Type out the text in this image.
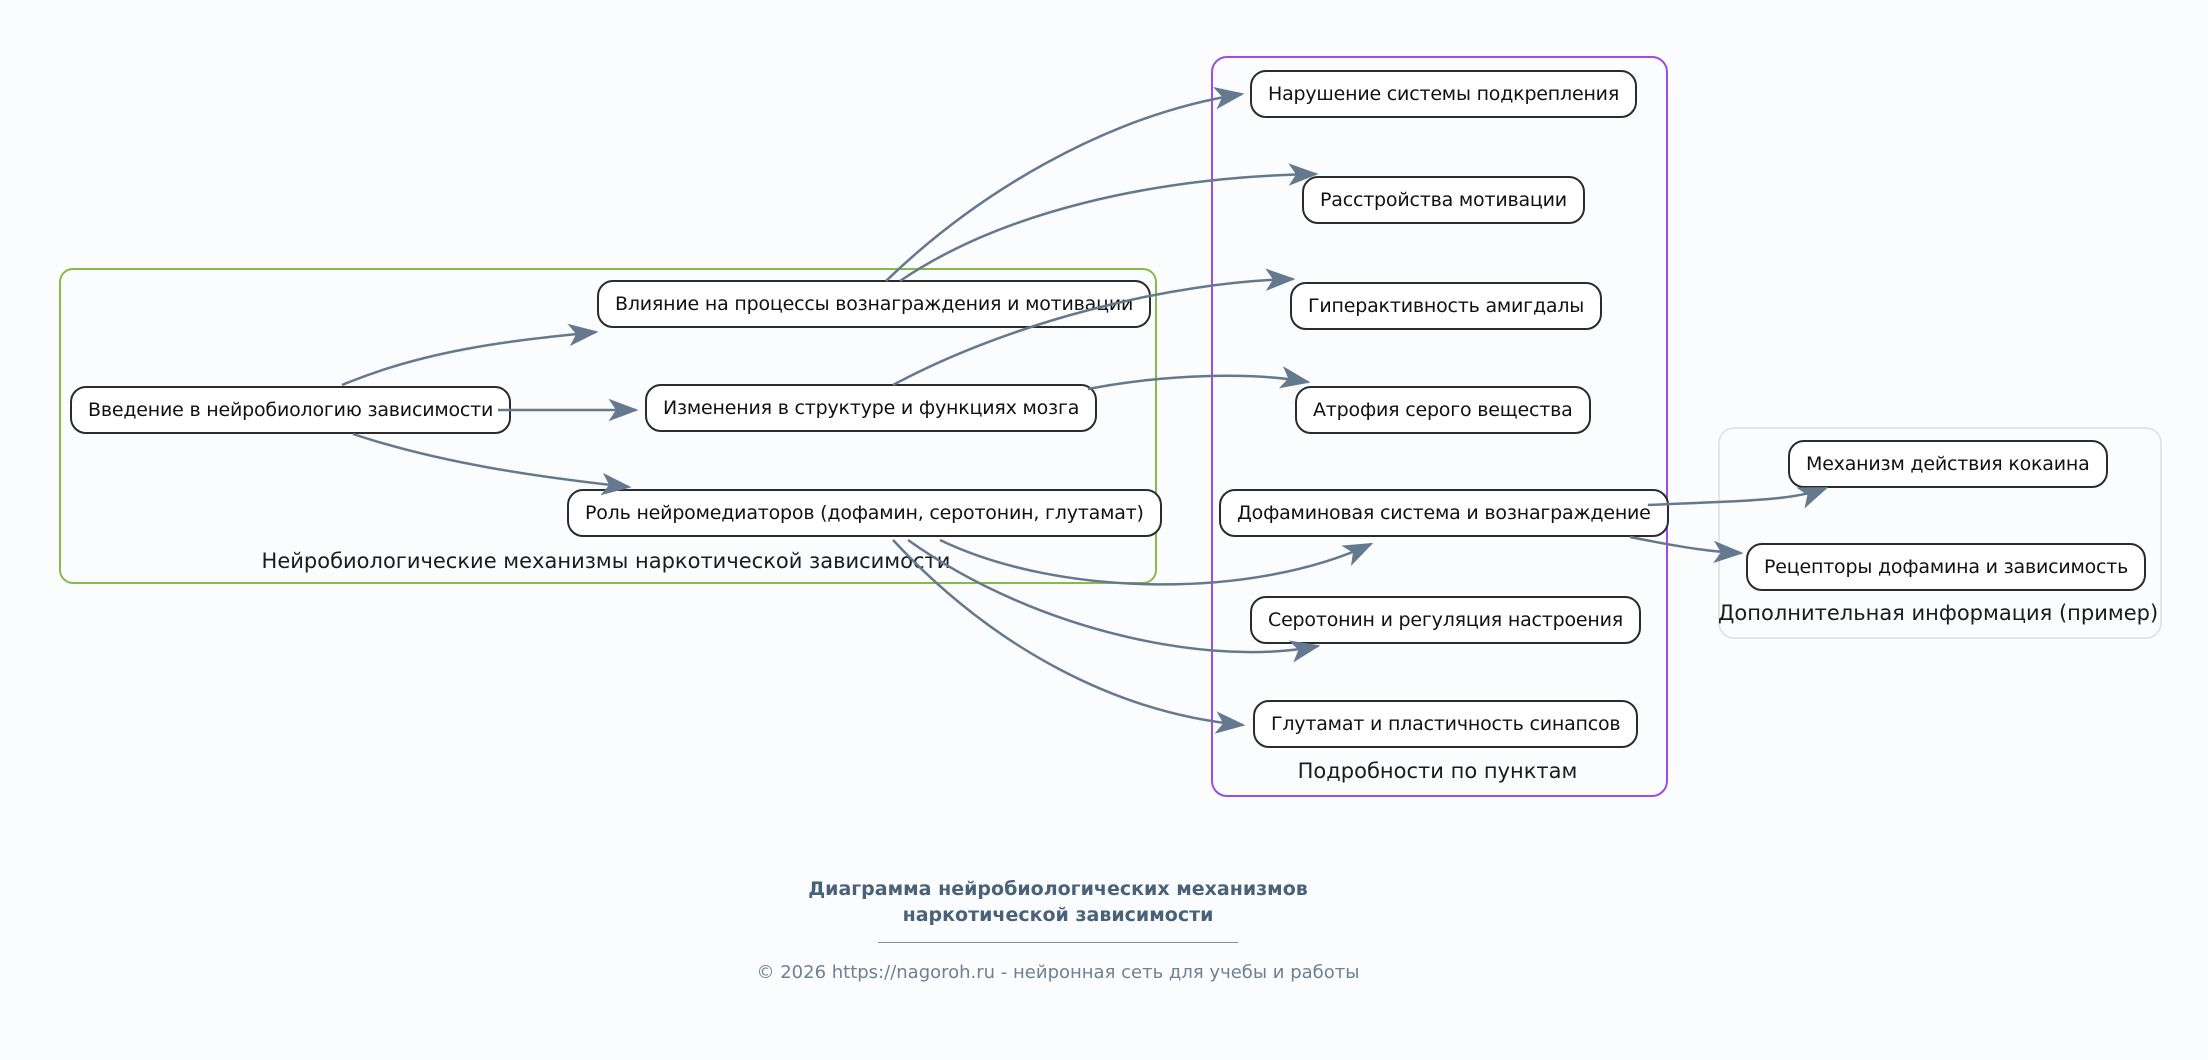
Нейробиологические механизмы наркотической зависимости
Подробности по пунктам
Дополнительная информация (пример)
Введение в нейробиологию зависимости
Влияние на процессы вознаграждения и мотивации
Изменения в структуре и функциях мозга
Роль нейромедиаторов (дофамин, серотонин, глутамат)
Нарушение системы подкрепления
Расстройства мотивации
Гиперактивность амигдалы
Атрофия серого вещества
Дофаминовая система и вознаграждение
Серотонин и регуляция настроения
Глутамат и пластичность синапсов
Механизм действия кокаина
Рецепторы дофамина и зависимость
Диаграмма нейробиологических механизмов
наркотической зависимости
© 2026 https://nagoroh.ru - нейронная сеть для учебы и работы
